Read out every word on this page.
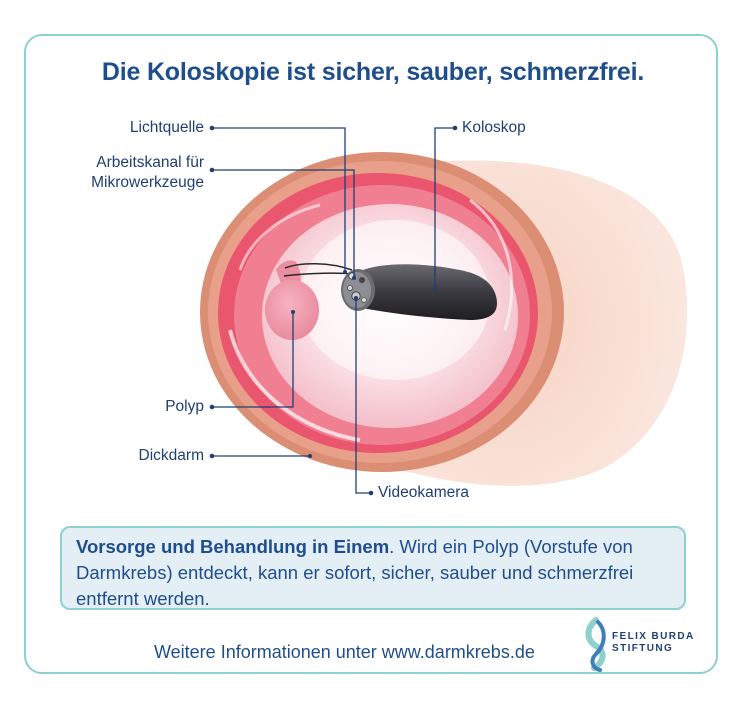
Die Koloskopie ist sicher, sauber, schmerzfrei.
Lichtquelle
Arbeitskanal für
Mikrowerkzeuge
Polyp
Dickdarm
Koloskop
Videokamera
Vorsorge und Behandlung in Einem. Wird ein Polyp (Vorstufe von Darmkrebs) entdeckt, kann er sofort, sicher, sauber und schmerzfrei entfernt werden.
Weitere Informationen unter www.darmkrebs.de
FELIX BURDA
STIFTUNG
